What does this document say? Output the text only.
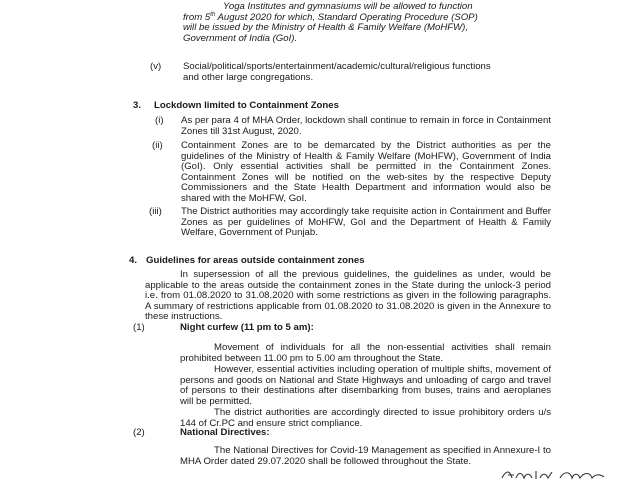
Yoga Institutes and gymnasiums will be allowed to function
from 5th August 2020 for which, Standard Operating Procedure (SOP)
will be issued by the Ministry of Health & Family Welfare (MoHFW),
Government of India (GoI).
(v) Social/political/sports/entertainment/academic/cultural/religious functions and other large congregations.
3. Lockdown limited to Containment Zones
(i) As per para 4 of MHA Order, lockdown shall continue to remain in force in Containment Zones till 31st August, 2020.
(ii) Containment Zones are to be demarcated by the District authorities as per the guidelines of the Ministry of Health & Family Welfare (MoHFW), Government of India (GoI). Only essential activities shall be permitted in the Containment Zones. Containment Zones will be notified on the web-sites by the respective Deputy Commissioners and the State Health Department and information would also be shared with the MoHFW, GoI.
(iii) The District authorities may accordingly take requisite action in Containment and Buffer Zones as per guidelines of MoHFW, GoI and the Department of Health & Family Welfare, Government of Punjab.
4. Guidelines for areas outside containment zones
In supersession of all the previous guidelines, the guidelines as under, would be applicable to the areas outside the containment zones in the State during the unlock-3 period i.e. from 01.08.2020 to 31.08.2020 with some restrictions as given in the following paragraphs. A summary of restrictions applicable from 01.08.2020 to 31.08.2020 is given in the Annexure to these instructions.
(1)	Night curfew (11 pm to 5 am):
Movement of individuals for all the non-essential activities shall remain prohibited between 11.00 pm to 5.00 am throughout the State.
However, essential activities including operation of multiple shifts, movement of persons and goods on National and State Highways and unloading of cargo and travel of persons to their destinations after disembarking from buses, trains and aeroplanes will be permitted.
The district authorities are accordingly directed to issue prohibitory orders u/s 144 of Cr.PC and ensure strict compliance.
(2)	National Directives:
The National Directives for Covid-19 Management as specified in Annexure-I to MHA Order dated 29.07.2020 shall be followed throughout the State.
